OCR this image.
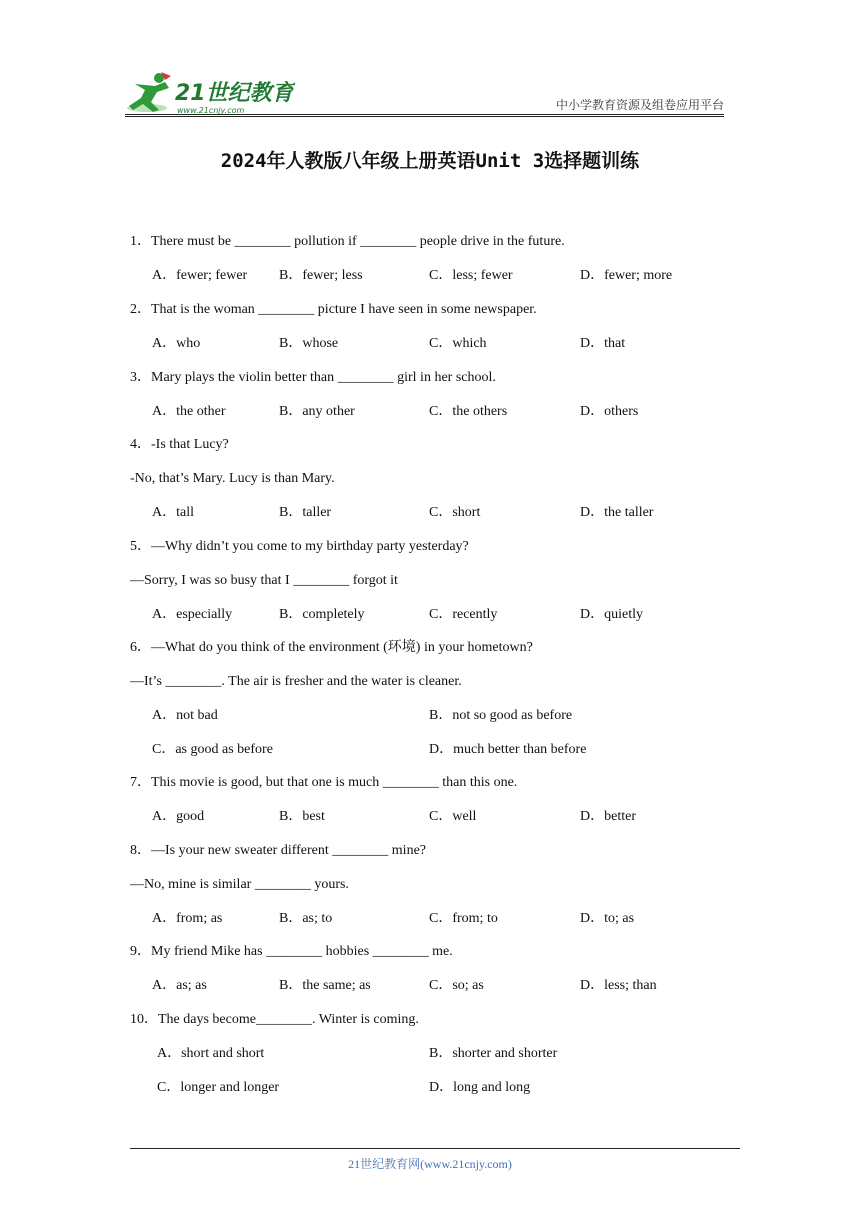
21世纪教育
www.21cnjy.com	中小学教育资源及组卷应用平台
2024年人教版八年级上册英语Unit 3选择题训练
1．There must be ________ pollution if ________ people drive in the future.
A．fewer; fewer B．fewer; less	C．less; fewer	D．fewer; more
2．That is the woman ________ picture I have seen in some newspaper.
A．who	B．whose	C．which	D．that
3．Mary plays the violin better than ________ girl in her school.
A．the other	B．any other	C．the others	D．others
4．-Is that Lucy?
-No, that’s Mary. Lucy is than Mary.
A．tall	B．taller	C．short	D．the taller
5．—Why didn’t you come to my birthday party yesterday?
—Sorry, I was so busy that I ________ forgot it
A．especially	B．completely	C．recently	D．quietly
6．—What do you think of the environment (环境) in your hometown?
—It’s ________. The air is fresher and the water is cleaner.
A．not bad	B．not so good as before
C．as good as before	D．much better than before
7．This movie is good, but that one is much ________ than this one.
A．good	B．best	C．well	D．better
8．—Is your new sweater different ________ mine?
—No, mine is similar ________ yours.
A．from; as	B．as; to	C．from; to	D．to; as
9．My friend Mike has ________ hobbies ________ me.
A．as; as	B．the same; as	C．so; as	D．less; than
10．The days become________. Winter is coming.
A．short and short	B．shorter and shorter
C．longer and longer	D．long and long
21世纪教育网(www.21cnjy.com)
